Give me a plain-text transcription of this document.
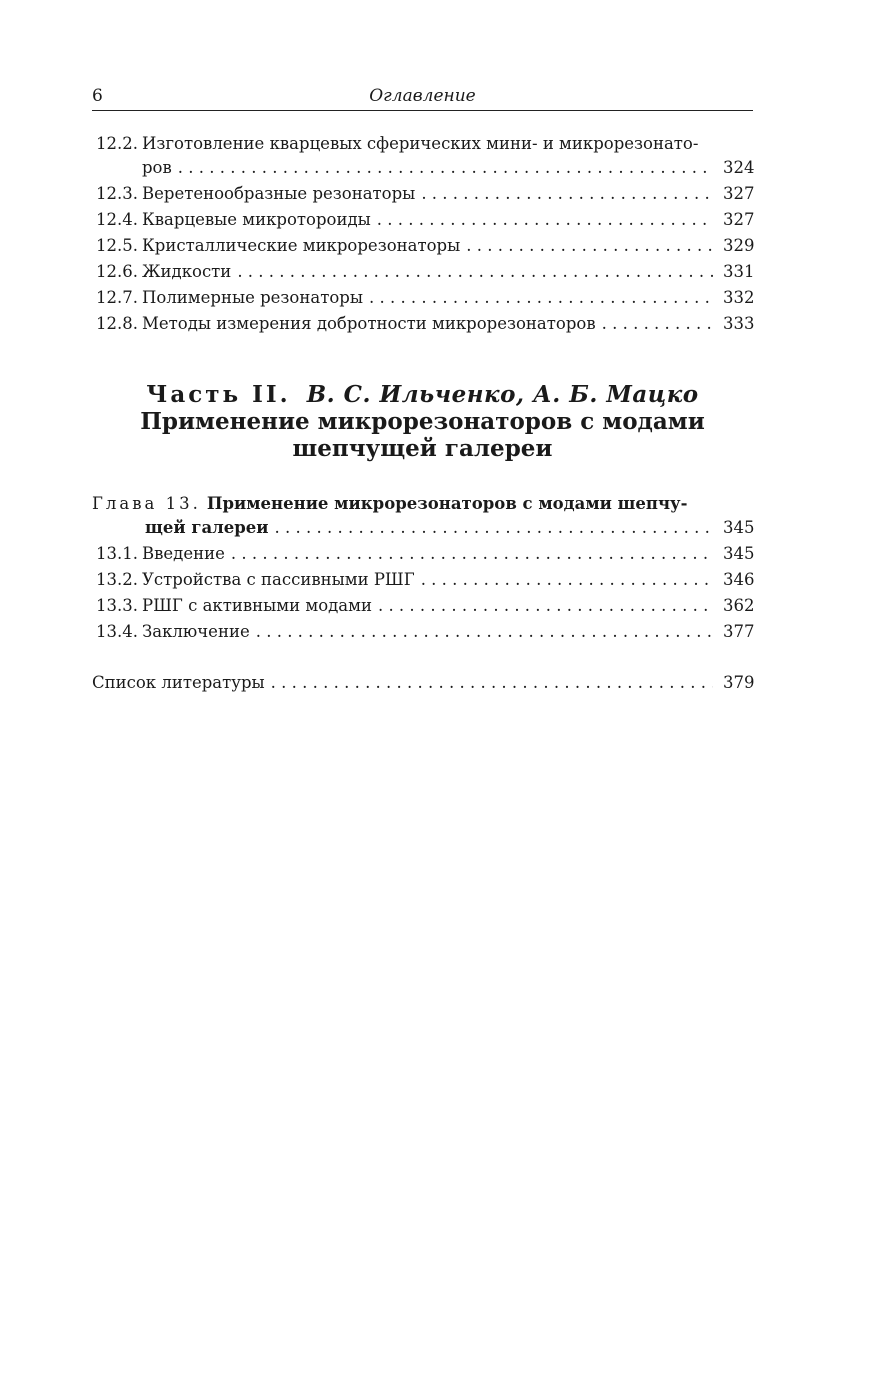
6	Оглавление
12.2. Изготовление кварцевых сферических мини- и микрорезонато-
ров . .	324
12.3. Веретенообразные резонаторы . .	327
12.4. Кварцевые микротороиды . .	327
12.5. Кристаллические микрорезонаторы . .	329
12.6. Жидкости . .	331
12.7. Полимерные резонаторы . .	332
12.8. Методы измерения добротности микрорезонаторов . .	333
Часть II. В. С. Ильченко, А. Б. Мацко
Применение микрорезонаторов с модами
шепчущей галереи
Глава 13. Применение микрорезонаторов с модами шепчу-
щей галереи . .	345
13.1. Введение . .	345
13.2. Устройства с пассивными РШГ . .	346
13.3. РШГ с активными модами . .	362
13.4. Заключение . .	377
Список литературы . .	379
